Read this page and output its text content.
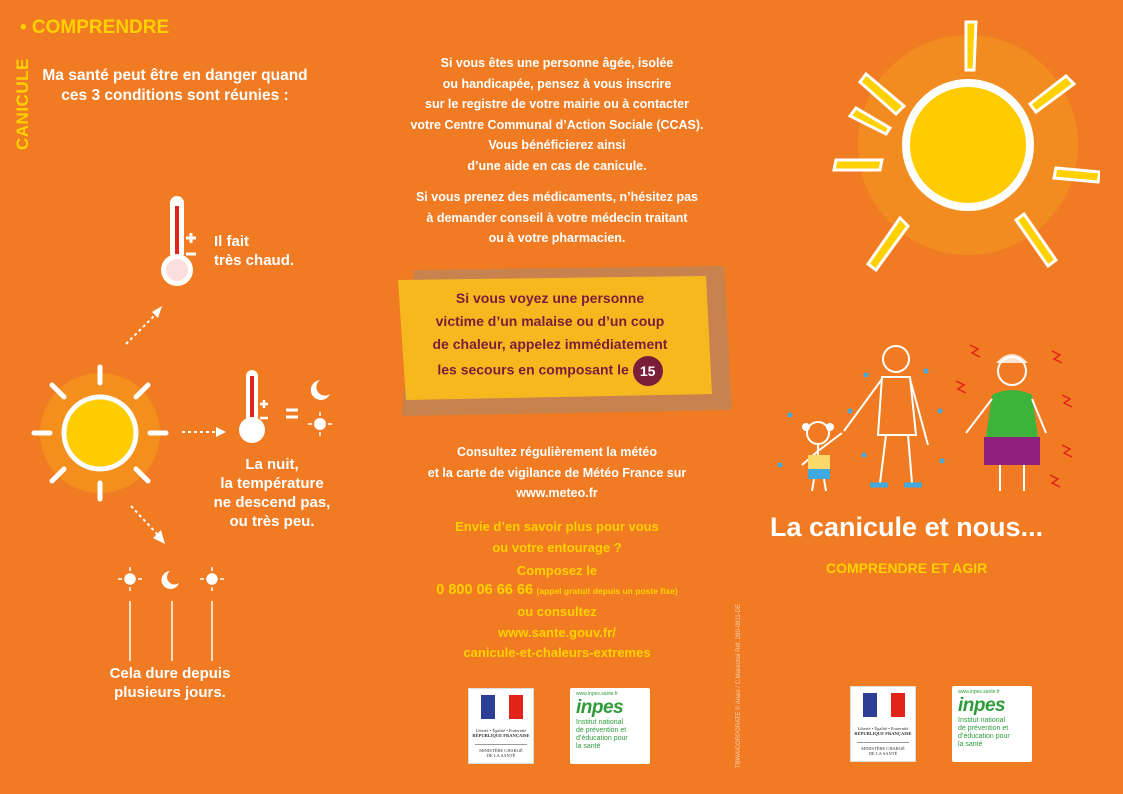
CANICULE
• COMPRENDRE
Ma santé peut être en danger quand ces 3 conditions sont réunies :
Il fait
très chaud.
La nuit,
la température
ne descend pas,
ou très peu.
Cela dure depuis
plusieurs jours.
Si vous êtes une personne âgée, isolée
ou handicapée, pensez à vous inscrire
sur le registre de votre mairie ou à contacter
votre Centre Communal d’Action Sociale (CCAS).
Vous bénéficierez ainsi
d’une aide en cas de canicule.
Si vous prenez des médicaments, n’hésitez pas
à demander conseil à votre médecin traitant
ou à votre pharmacien.
Si vous voyez une personne
victime d’un malaise ou d’un coup
de chaleur, appelez immédiatement
les secours en composant le 15
Consultez régulièrement la météo
et la carte de vigilance de Météo France sur
www.meteo.fr
Envie d’en savoir plus pour vous
ou votre entourage ?
Composez le
0 800 06 66 66 (appel gratuit depuis un poste fixe)
ou consultez
www.sante.gouv.fr/
canicule-et-chaleurs-extremes	TBWA\CORPORATE © Anais / C.Maréchal Réf. 280-0811-DE
Liberté • Égalité • Fraternité
RÉPUBLIQUE FRANÇAISE
MINISTÈRE CHARGÉ
DE LA SANTÉ
www.inpes.sante.fr
inpes
Institut national
de prévention et
d’éducation pour
la santé
La canicule et nous...
COMPRENDRE ET AGIR
Liberté • Égalité • Fraternité
RÉPUBLIQUE FRANÇAISE
MINISTÈRE CHARGÉ
DE LA SANTÉ
www.inpes.sante.fr
inpes
Institut national
de prévention et
d’éducation pour
la santé
